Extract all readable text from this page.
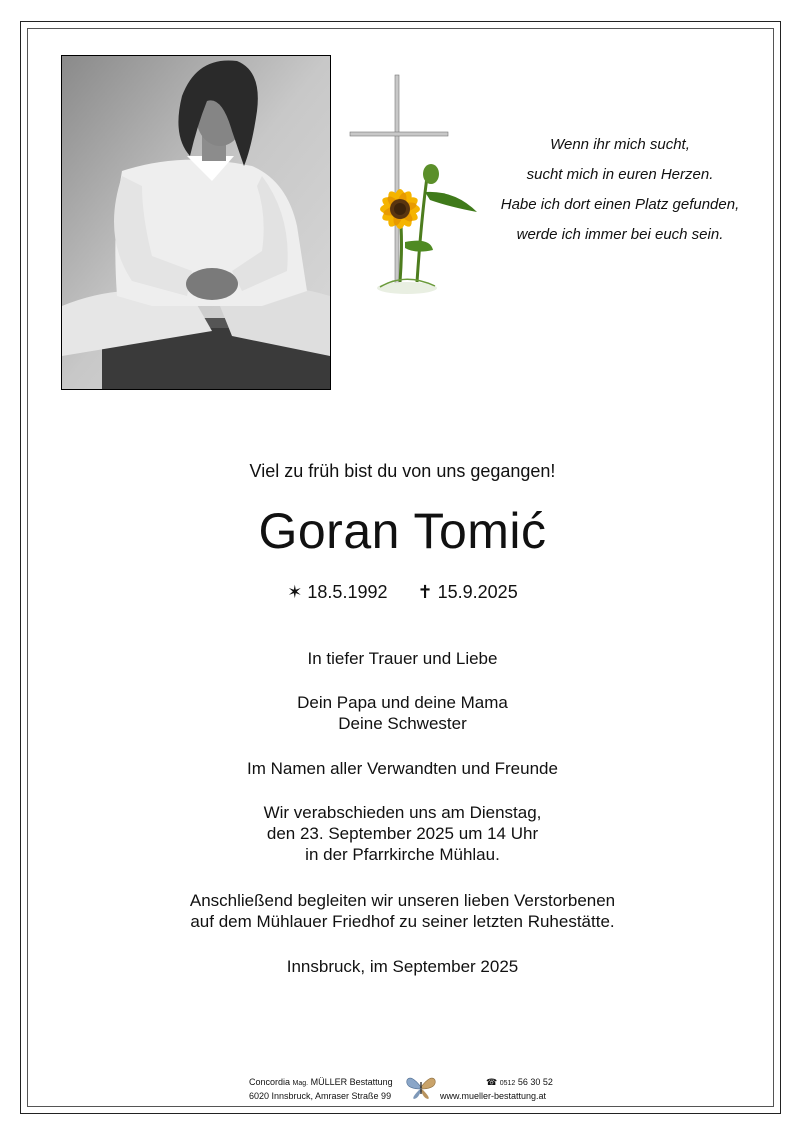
Wenn ihr mich sucht,
sucht mich in euren Herzen.
Habe ich dort einen Platz gefunden,
werde ich immer bei euch sein.
Viel zu früh bist du von uns gegangen!
Goran Tomić
✶ 18.5.1992 ✝ 15.9.2025
In tiefer Trauer und Liebe
Dein Papa und deine Mama
Deine Schwester
Im Namen aller Verwandten und Freunde
Wir verabschieden uns am Dienstag,
den 23. September 2025 um 14 Uhr
in der Pfarrkirche Mühlau.
Anschließend begleiten wir unseren lieben Verstorbenen
auf dem Mühlauer Friedhof zu seiner letzten Ruhestätte.
Innsbruck, im September 2025
Concordia Mag. MÜLLER Bestattung
6020 Innsbruck, Amraser Straße 99
☎ 0512 56 30 52
www.mueller-bestattung.at
